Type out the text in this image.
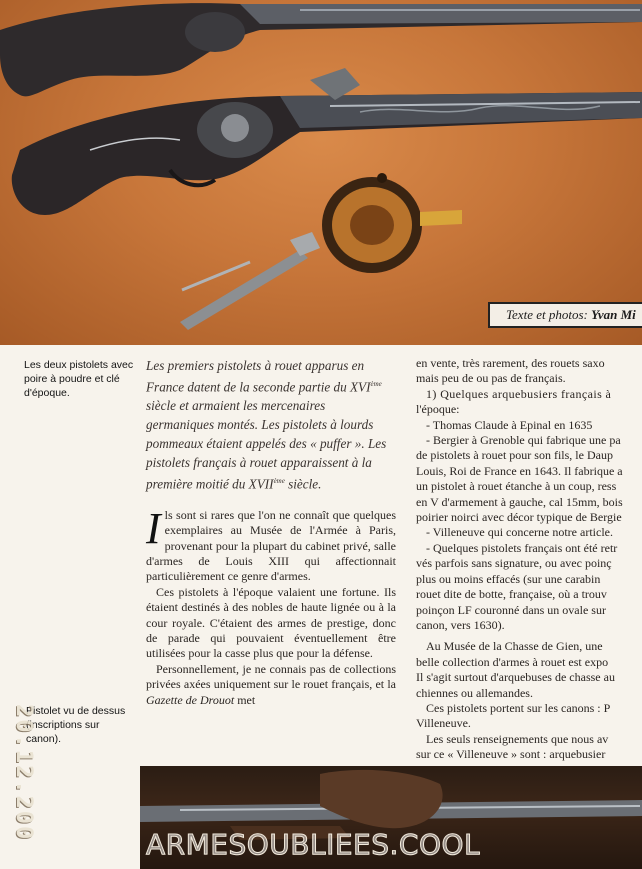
Texte et photos: Yvan Mi
Les deux pistolets avec poire à poudre et clé d'époque.
Pistolet vu de dessus (inscriptions sur canon).

Les premiers pistolets à rouet apparus en France datent de la seconde partie du XVIème siècle et armaient les mercenaires germaniques montés. Les pistolets à lourds pommeaux étaient appelés des « puffer ». Les pistolets français à rouet apparaissent à la première moitié du XVIIème siècle.

Ils sont si rares que l'on ne connaît que quelques exemplaires au Musée de l'Armée à Paris, provenant pour la plupart du cabinet privé, salle d'armes de Louis XIII qui affectionnait particulièrement ce genre d'armes.

Ces pistolets à l'époque valaient une fortune. Ils étaient destinés à des nobles de haute lignée ou à la cour royale. C'étaient des armes de prestige, donc de parade qui pouvaient éventuellement être utilisées pour la casse plus que pour la défense.

Personnellement, je ne connais pas de collections privées axées uniquement sur le rouet français, et la Gazette de Drouot met

en vente, très rarement, des rouets saxo

mais peu de ou pas de français.

1) Quelques arquebusiers français à

l'époque:

- Thomas Claude à Epinal en 1635

- Bergier à Grenoble qui fabrique une pa

de pistolets à rouet pour son fils, le Daup

Louis, Roi de France en 1643. Il fabrique a

un pistolet à rouet étanche à un coup, ress

en V d'armement à gauche, cal 15mm, bois

poirier noirci avec décor typique de Bergie

- Villeneuve qui concerne notre article.

- Quelques pistolets français ont été retr

vés parfois sans signature, ou avec poinç

plus ou moins effacés (sur une carabin

rouet dite de botte, française, où a trouv

poinçon LF couronné dans un ovale sur

canon, vers 1630).

Au Musée de la Chasse de Gien, une

belle collection d'armes à rouet est expo

Il s'agit surtout d'arquebuses de chasse au

chiennes ou allemandes.

Ces pistolets portent sur les canons : P

Villeneuve.

Les seuls renseignements que nous av

sur ce « Villeneuve » sont : arquebusier

20.12.200
ARMESOUBLIEES.COOL
